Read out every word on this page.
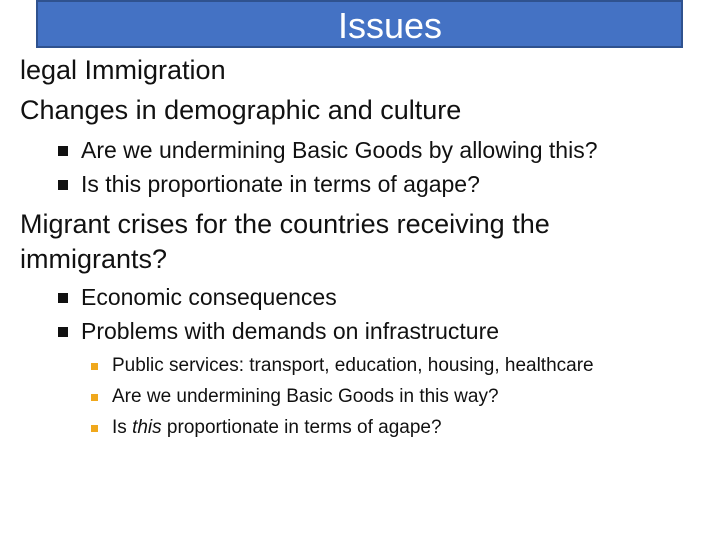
Issues
legal Immigration
Changes in demographic and culture
Are we undermining Basic Goods by allowing this?
Is this proportionate in terms of agape?
Migrant crises for the countries receiving the
immigrants?
Economic consequences
Problems with demands on infrastructure
Public services: transport, education, housing, healthcare
Are we undermining Basic Goods in this way?
Is this proportionate in terms of agape?
